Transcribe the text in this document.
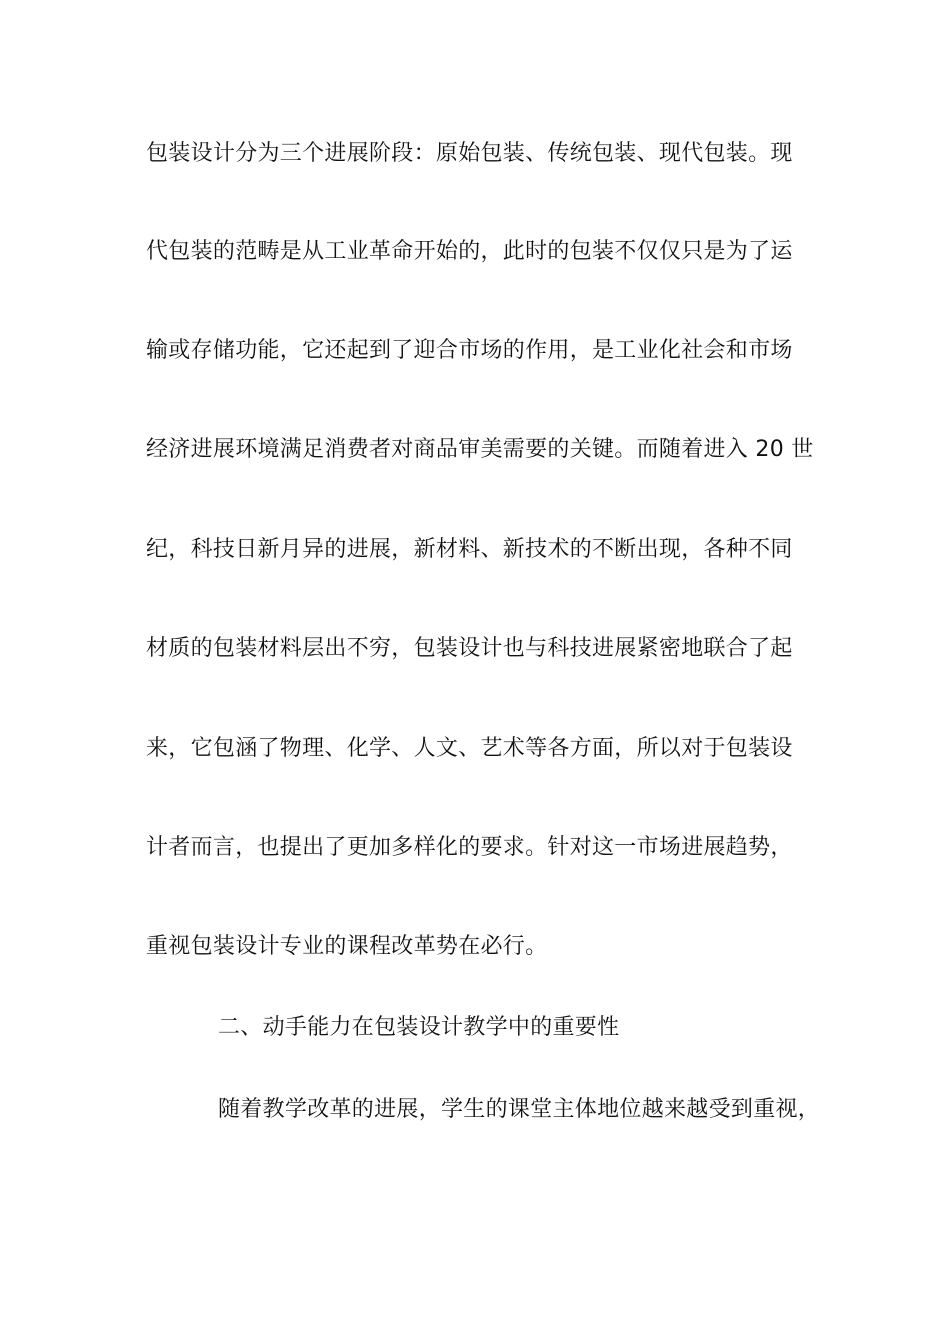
包装设计分为三个进展阶段：原始包装、传统包装、现代包装。现
代包装的范畴是从工业革命开始的，此时的包装不仅仅只是为了运
输或存储功能，它还起到了迎合市场的作用，是工业化社会和市场
经济进展环境满足消费者对商品审美需要的关键。而随着进入 20 世
纪，科技日新月异的进展，新材料、新技术的不断出现，各种不同
材质的包装材料层出不穷，包装设计也与科技进展紧密地联合了起
来，它包涵了物理、化学、人文、艺术等各方面，所以对于包装设
计者而言，也提出了更加多样化的要求。针对这一市场进展趋势，
重视包装设计专业的课程改革势在必行。
二、动手能力在包装设计教学中的重要性
随着教学改革的进展，学生的课堂主体地位越来越受到重视，
